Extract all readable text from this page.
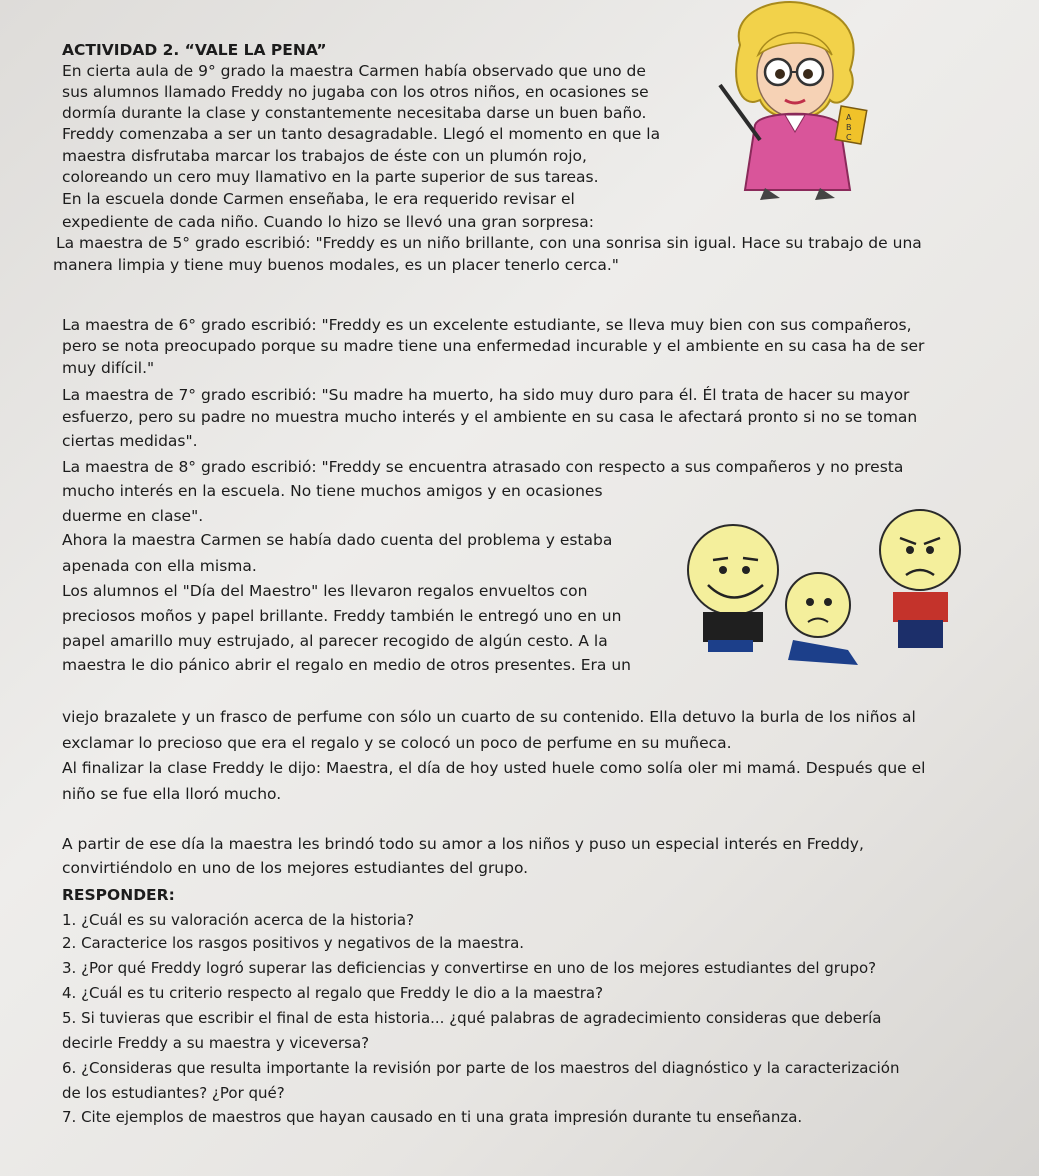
ACTIVIDAD 2. “VALE LA PENA”
En cierta aula de 9° grado la maestra Carmen había observado que uno de
sus alumnos llamado Freddy no jugaba con los otros niños, en ocasiones se
dormía durante la clase y constantemente necesitaba darse un buen baño.
Freddy comenzaba a ser un tanto desagradable. Llegó el momento en que la
maestra disfrutaba marcar los trabajos de éste con un plumón rojo,
coloreando un cero muy llamativo en la parte superior de sus tareas.
En la escuela donde Carmen enseñaba, le era requerido revisar el
expediente de cada niño. Cuando lo hizo se llevó una gran sorpresa:
La maestra de 5° grado escribió: "Freddy es un niño brillante, con una sonrisa sin igual. Hace su trabajo de una
manera limpia y tiene muy buenos modales, es un placer tenerlo cerca."
La maestra de 6° grado escribió: "Freddy es un excelente estudiante, se lleva muy bien con sus compañeros,
pero se nota preocupado porque su madre tiene una enfermedad incurable y el ambiente en su casa ha de ser
muy difícil."
La maestra de 7° grado escribió: "Su madre ha muerto, ha sido muy duro para él. Él trata de hacer su mayor
esfuerzo, pero su padre no muestra mucho interés y el ambiente en su casa le afectará pronto si no se toman
ciertas medidas".
La maestra de 8° grado escribió: "Freddy se encuentra atrasado con respecto a sus compañeros y no presta
mucho interés en la escuela. No tiene muchos amigos y en ocasiones
duerme en clase".
Ahora la maestra Carmen se había dado cuenta del problema y estaba
apenada con ella misma.
Los alumnos el "Día del Maestro" les llevaron regalos envueltos con
preciosos moños y papel brillante. Freddy también le entregó uno en un
papel amarillo muy estrujado, al parecer recogido de algún cesto. A la
maestra le dio pánico abrir el regalo en medio de otros presentes. Era un
viejo brazalete y un frasco de perfume con sólo un cuarto de su contenido. Ella detuvo la burla de los niños al
exclamar lo precioso que era el regalo y se colocó un poco de perfume en su muñeca.
Al finalizar la clase Freddy le dijo: Maestra, el día de hoy usted huele como solía oler mi mamá. Después que el
niño se fue ella lloró mucho.
A partir de ese día la maestra les brindó todo su amor a los niños y puso un especial interés en Freddy,
convirtiéndolo en uno de los mejores estudiantes del grupo.
RESPONDER:
1. ¿Cuál es su valoración acerca de la historia?
2. Caracterice los rasgos positivos y negativos de la maestra.
3. ¿Por qué Freddy logró superar las deficiencias y convertirse en uno de los mejores estudiantes del grupo?
4. ¿Cuál es tu criterio respecto al regalo que Freddy le dio a la maestra?
5. Si tuvieras que escribir el final de esta historia... ¿qué palabras de agradecimiento consideras que debería
decirle Freddy a su maestra y viceversa?
6. ¿Consideras que resulta importante la revisión por parte de los maestros del diagnóstico y la caracterización
de los estudiantes? ¿Por qué?
7. Cite ejemplos de maestros que hayan causado en ti una grata impresión durante tu enseñanza.
A
B
C
